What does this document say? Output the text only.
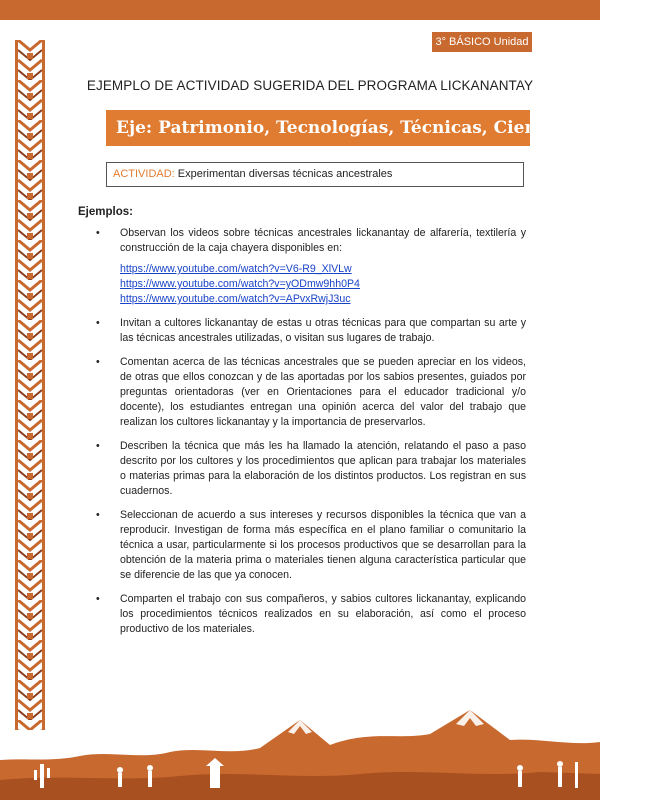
3° BÁSICO Unidad 2
EJEMPLO DE ACTIVIDAD SUGERIDA DEL PROGRAMA LICKANANTAY
Eje: Patrimonio, Tecnologías, Técnicas, Ciencias y Artes
ACTIVIDAD: Experimentan diversas técnicas ancestrales
Ejemplos:
• Observan los videos sobre técnicas ancestrales lickanantay de alfarería, textilería y construcción de la caja chayera disponibles en:
https://www.youtube.com/watch?v=V6-R9_XlVLw
https://www.youtube.com/watch?v=yODmw9hh0P4
https://www.youtube.com/watch?v=APvxRwjJ3uc
• Invitan a cultores lickanantay de estas u otras técnicas para que compartan su arte y las técnicas ancestrales utilizadas, o visitan sus lugares de trabajo.
• Comentan acerca de las técnicas ancestrales que se pueden apreciar en los videos, de otras que ellos conozcan y de las aportadas por los sabios presentes, guiados por preguntas orientadoras (ver en Orientaciones para el educador tradicional y/o docente), los estudiantes entregan una opinión acerca del valor del trabajo que realizan los cultores lickanantay y la importancia de preservarlos.
• Describen la técnica que más les ha llamado la atención, relatando el paso a paso descrito por los cultores y los procedimientos que aplican para trabajar los materiales o materias primas para la elaboración de los distintos productos. Los registran en sus cuadernos.
• Seleccionan de acuerdo a sus intereses y recursos disponibles la técnica que van a reproducir. Investigan de forma más específica en el plano familiar o comunitario la técnica a usar, particularmente si los procesos productivos que se desarrollan para la obtención de la materia prima o materiales tienen alguna característica particular que se diferencie de las que ya conocen.
• Comparten el trabajo con sus compañeros, y sabios cultores lickanantay, explicando los procedimientos técnicos realizados en su elaboración, así como el proceso productivo de los materiales.
